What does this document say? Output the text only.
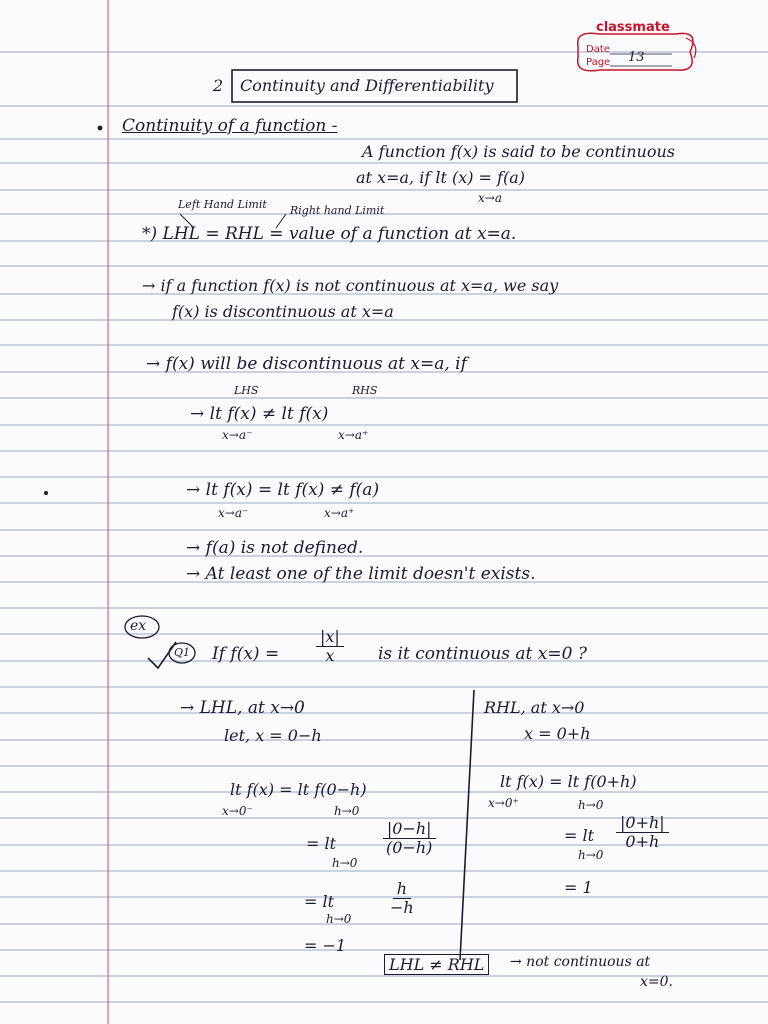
classmate
Date
Page 13
2 Continuity and Differentiability
Continuity of a function -
A function f(x) is said to be continuous
at x=a, if lt (x) = f(a)
x→a
Left Hand Limit Right hand Limit
*) LHL = RHL = value of a function at x=a.
→ if a function f(x) is not continuous at x=a, we say
f(x) is discontinuous at x=a
→ f(x) will be discontinuous at x=a, if
LHS	RHS
→ lt f(x) ≠ lt f(x)
x→a⁻	x→a⁺
→ lt f(x) = lt f(x) ≠ f(a)
x→a⁻	x→a⁺
→ f(a) is not defined.
→ At least one of the limit doesn't exists.
ex
Q1 If $f(x) = \frac{|x|}{x}$ is it continuous at x=0 ?
→ LHL, at x→0
let, x = 0−h
lt f(x) = lt f(0−h)
x→0⁻	h→0
= lt
h→0
$\frac{|0-h|}{(0-h)}$
= lt
h→0
$\frac{h}{-h}$
= −1
RHL, at x→0
x = 0+h
lt f(x) = lt f(0+h)
x→0⁺	h→0
= lt
h→0
$\frac{|0+h|}{0+h}$
= 1
LHL ≠ RHL	→ not continuous at
x=0.
